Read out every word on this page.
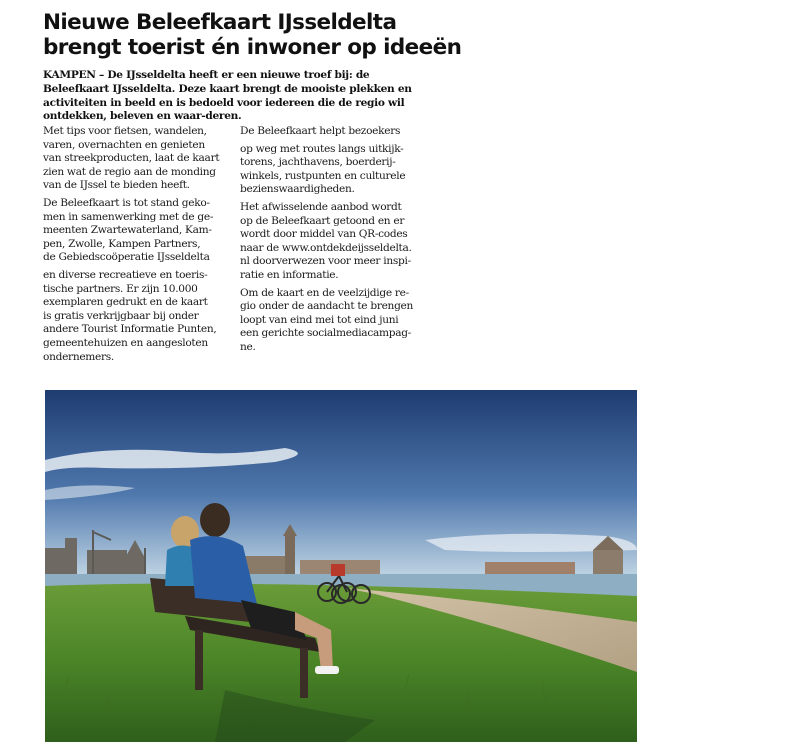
Nieuwe Beleefkaart IJsseldelta brengt toerist én inwoner op ideeën

KAMPEN – De IJsseldelta heeft er een nieuwe troef bij: de Beleefkaart IJsseldelta. Deze kaart brengt de mooiste plekken en activiteiten in beeld en is bedoeld voor iedereen die de regio wil ontdekken, beleven en waar-deren.

Met tips voor fietsen, wandelen,
varen, overnachten en genieten
van streekproducten, laat de kaart
zien wat de regio aan de monding
van de IJssel te bieden heeft.

De Beleefkaart is tot stand geko-
men in samenwerking met de ge-
meenten Zwartewaterland, Kam-
pen, Zwolle, Kampen Partners,
de Gebiedscoöperatie IJsseldelta

en diverse recreatieve en toeris-
tische partners. Er zijn 10.000
exemplaren gedrukt en de kaart
is gratis verkrijgbaar bij onder
andere Tourist Informatie Punten,
gemeentehuizen en aangesloten
ondernemers.

De Beleefkaart helpt bezoekers

op weg met routes langs uitkijk-
torens, jachthavens, boerderij-
winkels, rustpunten en culturele
bezienswaardigheden.

Het afwisselende aanbod wordt
op de Beleefkaart getoond en er
wordt door middel van QR-codes
naar de www.ontdekdeijsseldelta.
nl doorverwezen voor meer inspi-
ratie en informatie.

Om de kaart en de veelzijdige re-
gio onder de aandacht te brengen
loopt van eind mei tot eind juni
een gerichte socialmediacampag-
ne.
